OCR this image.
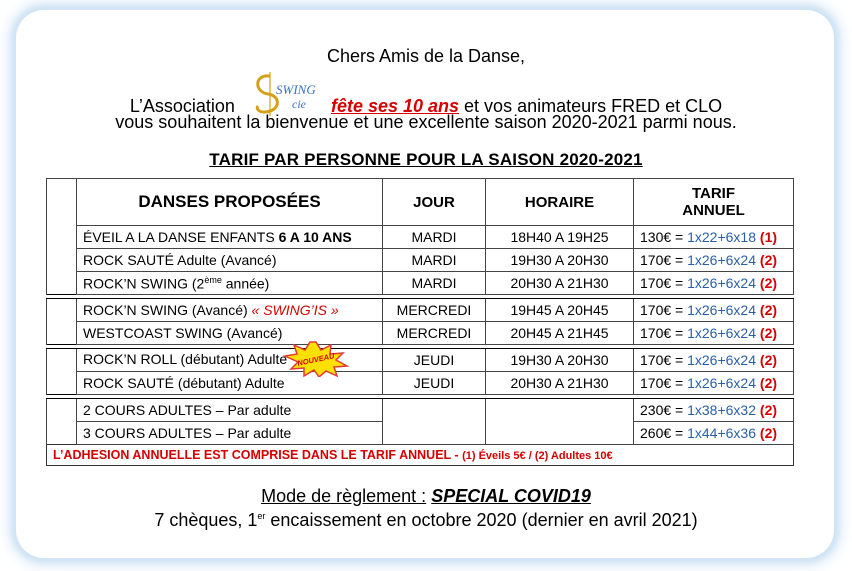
Chers Amis de la Danse,
L’Association
SWING
cie fête ses 10 ans et vos animateurs FRED et CLO
vous souhaitent la bienvenue et une excellente saison 2020-2021 parmi nous.
TARIF PAR PERSONNE POUR LA SAISON 2020-2021
	DANSES PROPOSÉES	JOUR	HORAIRE	TARIF
ANNUEL
	ÉVEIL A LA DANSE ENFANTS 6 A 10 ANS	MARDI	18H40 A 19H25	130€ = 1x22+6x18 (1)
	ROCK SAUTÉ Adulte (Avancé)	MARDI	19H30 A 20H30	170€ = 1x26+6x24 (2)
	ROCK’N SWING (2ème année)	MARDI	20H30 A 21H30	170€ = 1x26+6x24 (2)

	ROCK’N SWING (Avancé) « SWING’IS »	MERCREDI	19H45 A 20H45	170€ = 1x26+6x24 (2)
	WESTCOAST SWING (Avancé)	MERCREDI	20H45 A 21H45	170€ = 1x26+6x24 (2)

	ROCK’N ROLL (débutant) Adulte NOUVEAU	JEUDI	19H30 A 20H30	170€ = 1x26+6x24 (2)
	ROCK SAUTÉ (débutant) Adulte	JEUDI	20H30 A 21H30	170€ = 1x26+6x24 (2)

	2 COURS ADULTES – Par adulte			230€ = 1x38+6x32 (2)
	3 COURS ADULTES – Par adulte			260€ = 1x44+6x36 (2)
L’ADHESION ANNUELLE EST COMPRISE DANS LE TARIF ANNUEL - (1) Éveils 5€ / (2) Adultes 10€				
Mode de règlement : SPECIAL COVID19
7 chèques, 1er encaissement en octobre 2020 (dernier en avril 2021)
